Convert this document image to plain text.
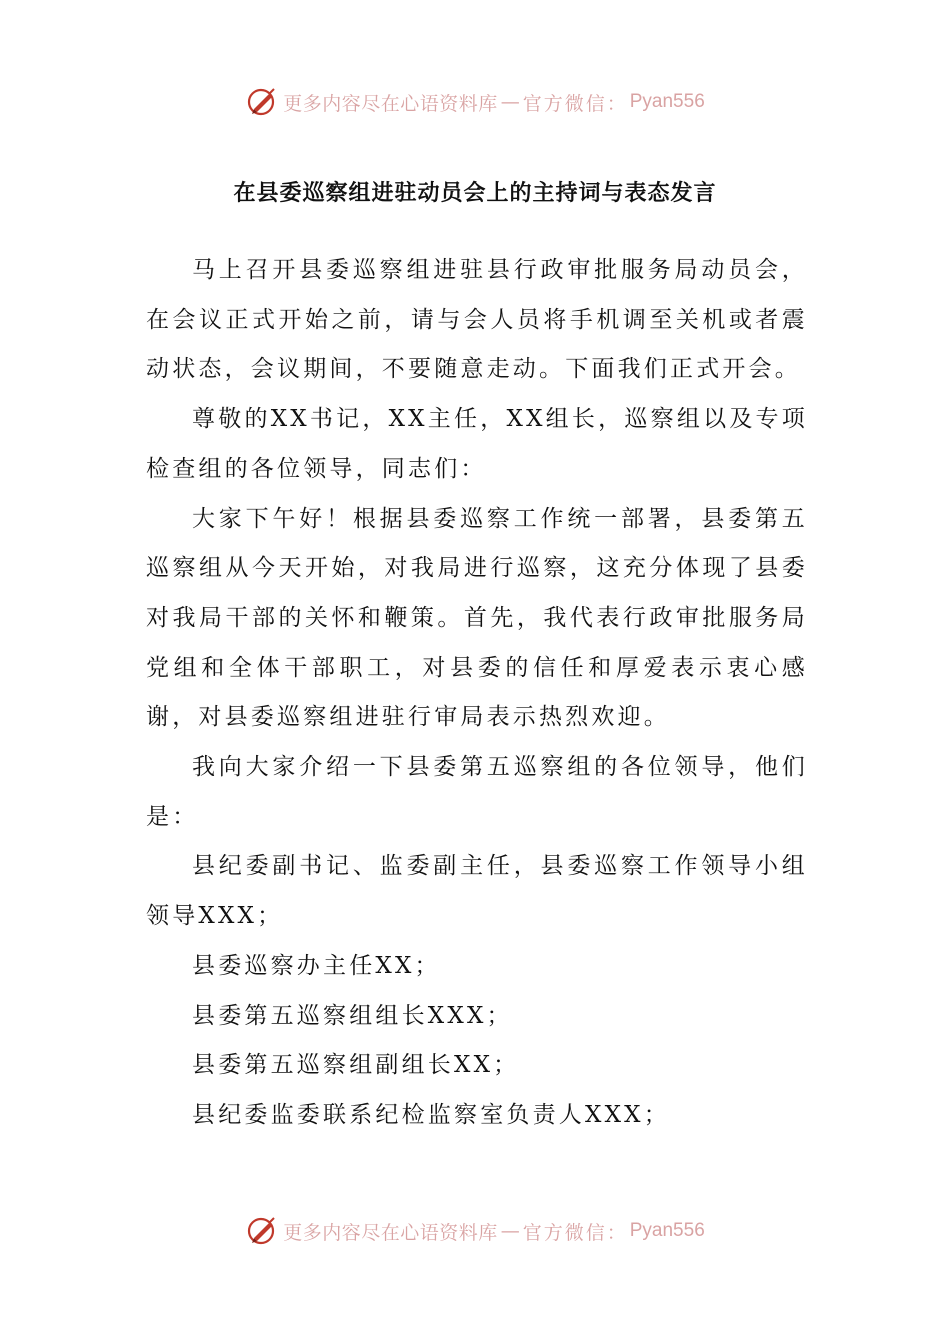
更多内容尽在心语资料库 — 官方微信： Pyan556
在县委巡察组进驻动员会上的主持词与表态发言

马上召开县委巡察组进驻县行政审批服务局动员会，在会议正式开始之前，请与会人员将手机调至关机或者震动状态，会议期间，不要随意走动。下面我们正式开会。

尊敬的XX书记，XX主任，XX组长，巡察组以及专项检查组的各位领导，同志们：

大家下午好！根据县委巡察工作统一部署，县委第五巡察组从今天开始，对我局进行巡察，这充分体现了县委对我局干部的关怀和鞭策。首先，我代表行政审批服务局党组和全体干部职工，对县委的信任和厚爱表示衷心感谢，对县委巡察组进驻行审局表示热烈欢迎。

我向大家介绍一下县委第五巡察组的各位领导，他们是：

县纪委副书记、监委副主任，县委巡察工作领导小组领导XXX；

县委巡察办主任XX；

县委第五巡察组组长XXX；

县委第五巡察组副组长XX；

县纪委监委联系纪检监察室负责人XXX；

更多内容尽在心语资料库 — 官方微信： Pyan556
